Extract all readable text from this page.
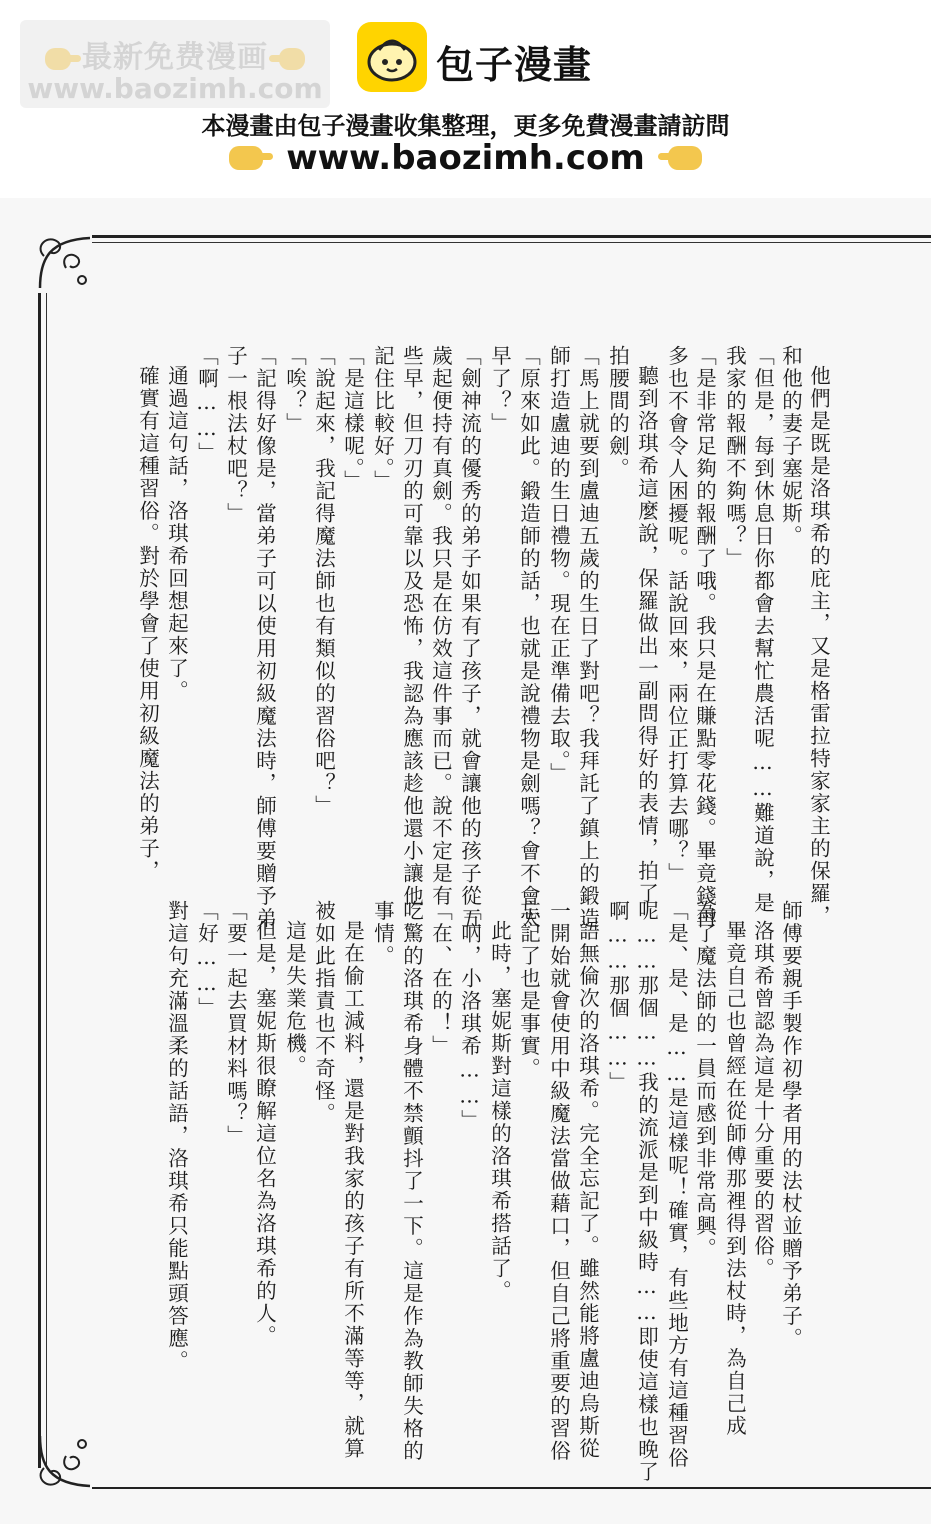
最新免费漫画
www.baozimh.com
包子漫畫
本漫畫由包子漫畫收集整理，更多免費漫畫請訪問
www.baozimh.com
他們是既是洛琪希的庇主，又是格雷拉特家家主的保羅，
和他的妻子塞妮斯。
「但是，每到休息日你都會去幫忙農活呢……難道說，是
我家的報酬不夠嗎？」
「是非常足夠的報酬了哦。我只是在賺點零花錢。畢竟錢再
多也不會令人困擾呢。話說回來，兩位正打算去哪？」
聽到洛琪希這麼說，保羅做出一副問得好的表情，拍了
拍腰間的劍。
「馬上就要到盧迪五歲的生日了對吧？我拜託了鎮上的鍛造
師打造盧迪的生日禮物。現在正準備去取。」
「原來如此。鍛造師的話，也就是說禮物是劍嗎？會不會太
早了？」
「劍神流的優秀的弟子如果有了孩子，就會讓他的孩子從五
歲起便持有真劍。我只是在仿效這件事而已。說不定是有
些早，但刀刃的可靠以及恐怖，我認為應該趁他還小讓他
記住比較好。」
「是這樣呢。」
「說起來，我記得魔法師也有類似的習俗吧？」
「唉？」
「記得好像是，當弟子可以使用初級魔法時，師傅要贈予弟
子一根法杖吧？」
「啊……」
通過這句話，洛琪希回想起來了。
確實有這種習俗。對於學會了使用初級魔法的弟子，
師傅要親手製作初學者用的法杖並贈予弟子。
洛琪希曾認為這是十分重要的習俗。
畢竟自己也曾經在從師傅那裡得到法杖時，為自己成
為了魔法師的一員而感到非常高興。
「是、是、是……是這樣呢！確實，有些地方有這種習俗
呢……那個……我的流派是到中級時……即使這樣也晚了
啊……那個……」
語無倫次的洛琪希。完全忘記了。雖然能將盧迪烏斯從
一開始就會使用中級魔法當做藉口，但自己將重要的習俗
忘記了也是事實。
此時，塞妮斯對這樣的洛琪希搭話了。
「吶，小洛琪希……」
「在、在的！」
吃驚的洛琪希身體不禁顫抖了一下。這是作為教師失格的
事情。
是在偷工減料，還是對我家的孩子有所不滿等等，就算
被如此指責也不奇怪。
這是失業危機。
但是，塞妮斯很瞭解這位名為洛琪希的人。
「要一起去買材料嗎？」
「好……」
對這句充滿溫柔的話語，洛琪希只能點頭答應。
